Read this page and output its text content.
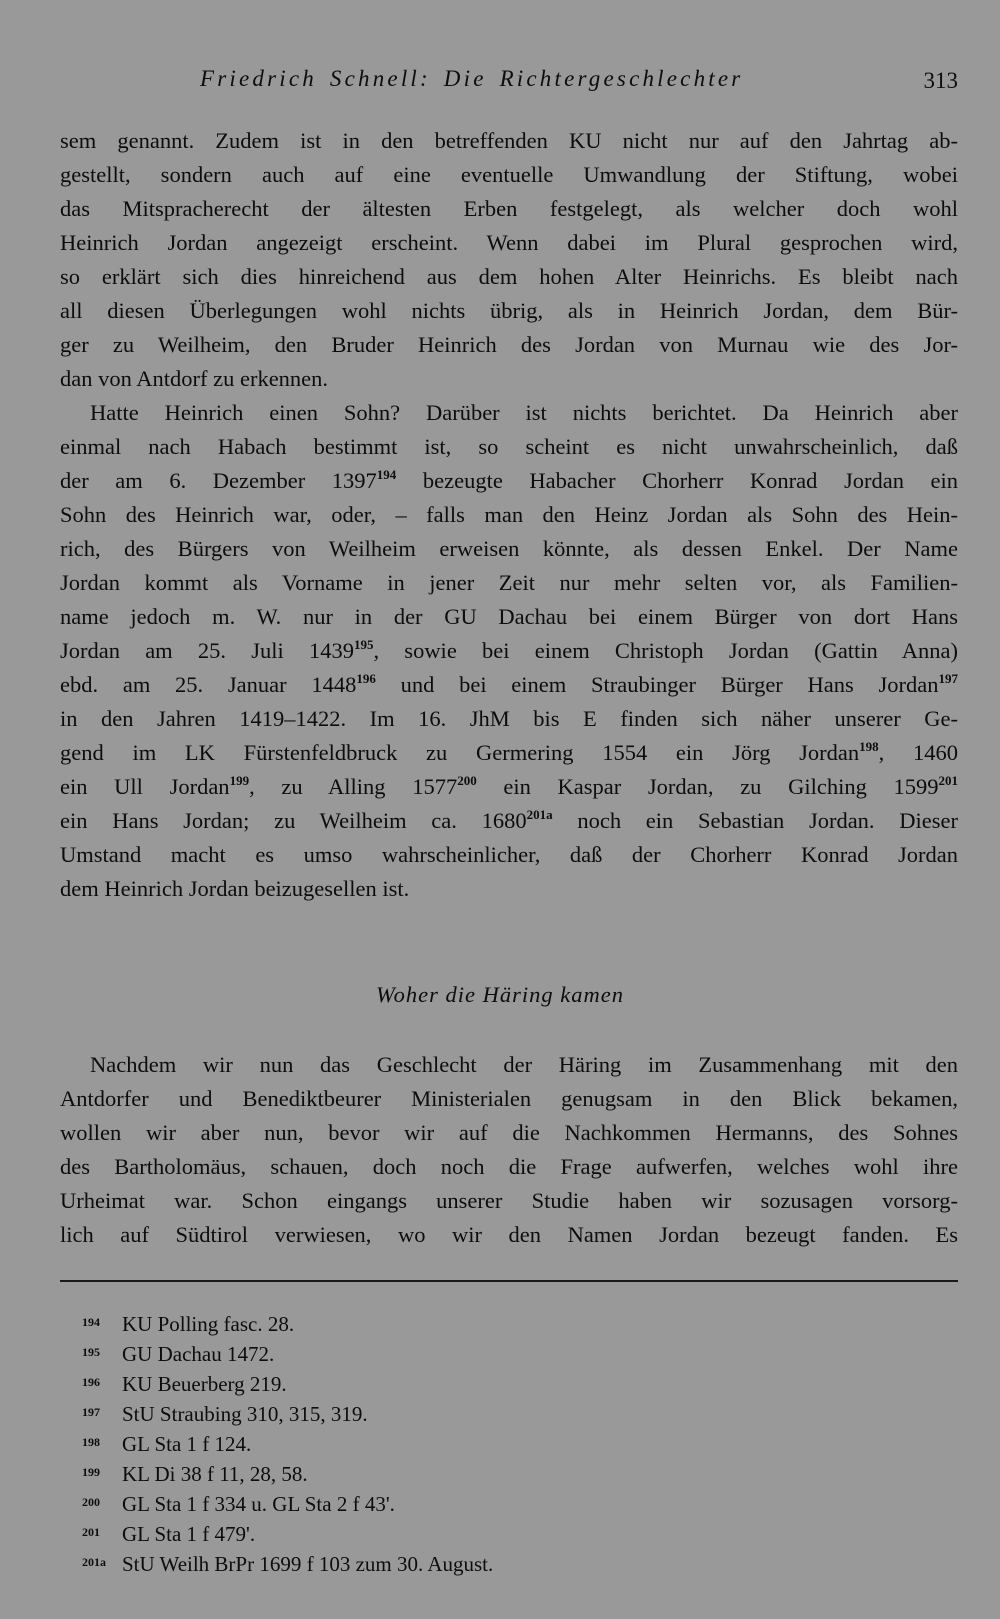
Friedrich Schnell: Die Richtergeschlechter	313
sem genannt. Zudem ist in den betreffenden KU nicht nur auf den Jahrtag ab-
gestellt, sondern auch auf eine eventuelle Umwandlung der Stiftung, wobei
das Mitspracherecht der ältesten Erben festgelegt, als welcher doch wohl
Heinrich Jordan angezeigt erscheint. Wenn dabei im Plural gesprochen wird,
so erklärt sich dies hinreichend aus dem hohen Alter Heinrichs. Es bleibt nach
all diesen Überlegungen wohl nichts übrig, als in Heinrich Jordan, dem Bür-
ger zu Weilheim, den Bruder Heinrich des Jordan von Murnau wie des Jor-
dan von Antdorf zu erkennen.
Hatte Heinrich einen Sohn? Darüber ist nichts berichtet. Da Heinrich aber
einmal nach Habach bestimmt ist, so scheint es nicht unwahrscheinlich, daß
der am 6. Dezember 1397$^{194}$ bezeugte Habacher Chorherr Konrad Jordan ein
Sohn des Heinrich war, oder, – falls man den Heinz Jordan als Sohn des Hein-
rich, des Bürgers von Weilheim erweisen könnte, als dessen Enkel. Der Name
Jordan kommt als Vorname in jener Zeit nur mehr selten vor, als Familien-
name jedoch m. W. nur in der GU Dachau bei einem Bürger von dort Hans
Jordan am 25. Juli 1439$^{195}$, sowie bei einem Christoph Jordan (Gattin Anna)
ebd. am 25. Januar 1448$^{196}$ und bei einem Straubinger Bürger Hans Jordan$^{197}$
in den Jahren 1419–1422. Im 16. JhM bis E finden sich näher unserer Ge-
gend im LK Fürstenfeldbruck zu Germering 1554 ein Jörg Jordan$^{198}$, 1460
ein Ull Jordan$^{199}$, zu Alling 1577$^{200}$ ein Kaspar Jordan, zu Gilching 1599$^{201}$
ein Hans Jordan; zu Weilheim ca. $1680^{201a}$ noch ein Sebastian Jordan. Dieser
Umstand macht es umso wahrscheinlicher, daß der Chorherr Konrad Jordan
dem Heinrich Jordan beizugesellen ist.
Woher die Häring kamen
Nachdem wir nun das Geschlecht der Häring im Zusammenhang mit den
Antdorfer und Benediktbeurer Ministerialen genugsam in den Blick bekamen,
wollen wir aber nun, bevor wir auf die Nachkommen Hermanns, des Sohnes
des Bartholomäus, schauen, doch noch die Frage aufwerfen, welches wohl ihre
Urheimat war. Schon eingangs unserer Studie haben wir sozusagen vorsorg-
lich auf Südtirol verwiesen, wo wir den Namen Jordan bezeugt fanden. Es
194 KU Polling fasc. 28.
195 GU Dachau 1472.
196 KU Beuerberg 219.
197 StU Straubing 310, 315, 319.
198 GL Sta 1 f 124.
199 KL Di 38 f 11, 28, 58.
200 GL Sta 1 f 334 u. GL Sta 2 f 43'.
201 GL Sta 1 f 479'.
201a StU Weilh BrPr 1699 f 103 zum 30. August.
